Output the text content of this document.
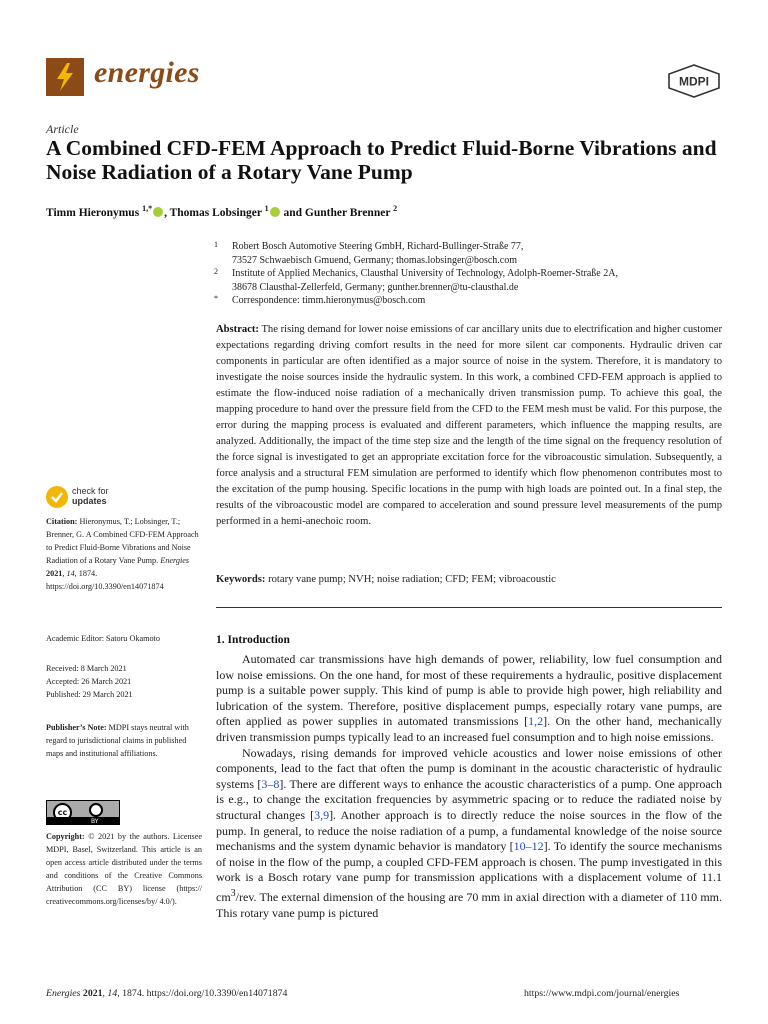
energies	MDPI
Article
A Combined CFD-FEM Approach to Predict Fluid-Borne Vibrations and Noise Radiation of a Rotary Vane Pump
Timm Hieronymus $^{1,*}$ , Thomas Lobsinger $^1$ and Gunther Brenner $^2$
1 Robert Bosch Automotive Steering GmbH, Richard-Bullinger-Straße 77,
73527 Schwaebisch Gmuend, Germany; thomas.lobsinger@bosch.com
2 Institute of Applied Mechanics, Clausthal University of Technology, Adolph-Roemer-Straße 2A,
38678 Clausthal-Zellerfeld, Germany; gunther.brenner@tu-clausthal.de
* Correspondence: timm.hieronymus@bosch.com
Abstract: The rising demand for lower noise emissions of car ancillary units due to electrification and higher customer expectations regarding driving comfort results in the need for more silent car components. Hydraulic driven car components in particular are often identified as a major source of noise in the system. Therefore, it is mandatory to investigate the noise sources inside the hydraulic system. In this work, a combined CFD-FEM approach is applied to estimate the flow-induced noise radiation of a mechanically driven transmission pump. To achieve this goal, the mapping procedure to hand over the pressure field from the CFD to the FEM mesh must be valid. For this purpose, the error during the mapping process is evaluated and different parameters, which influence the mapping results, are analyzed. Additionally, the impact of the time step size and the length of the time signal on the frequency resolution of the force signal is investigated to get an appropriate excitation force for the vibroacoustic simulation. Subsequently, a force analysis and a structural FEM simulation are performed to identify which flow phenomenon contributes most to the excitation of the pump housing. Specific locations in the pump with high loads are pointed out. In a final step, the results of the vibroacoustic model are compared to acceleration and sound pressure level measurements of the pump performed in a hemi-anechoic room.
Keywords: rotary vane pump; NVH; noise radiation; CFD; FEM; vibroacoustic
check for
updates
Citation: Hieronymus, T.; Lobsinger, T.; Brenner, G. A Combined CFD-FEM Approach to Predict Fluid-Borne Vibrations and Noise Radiation of a Rotary Vane Pump. Energies 2021, 14, 1874. https://doi.org/10.3390/en14071874
Academic Editor: Satoru Okamoto
Received: 8 March 2021
Accepted: 26 March 2021
Published: 29 March 2021
Publisher’s Note: MDPI stays neutral with regard to jurisdictional claims in published maps and institutional affiliations.
cc
BY
Copyright: © 2021 by the authors. Licensee MDPI, Basel, Switzerland. This article is an open access article distributed under the terms and conditions of the Creative Commons Attribution (CC BY) license (https:// creativecommons.org/licenses/by/ 4.0/).
1. Introduction

Automated car transmissions have high demands of power, reliability, low fuel consumption and low noise emissions. On the one hand, for most of these requirements a hydraulic, positive displacement pump is a suitable power supply. This kind of pump is able to provide high power, high reliability and lubrication of the system. Therefore, positive displacement pumps, especially rotary vane pumps, are often applied as power supplies in automated transmissions [1,2]. On the other hand, mechanically driven transmission pumps typically lead to an increased fuel consumption and to high noise emissions.

Nowadays, rising demands for improved vehicle acoustics and lower noise emissions of other components, lead to the fact that often the pump is dominant in the acoustic characteristic of hydraulic systems [3–8]. There are different ways to enhance the acoustic characteristics of a pump. One approach is e.g., to change the excitation frequencies by asymmetric spacing or to reduce the radiated noise by structural changes [3,9]. Another approach is to directly reduce the noise sources in the flow of the pump. In general, to reduce the noise radiation of a pump, a fundamental knowledge of the noise source mechanisms and the system dynamic behavior is mandatory [10–12]. To identify the source mechanisms of noise in the flow of the pump, a coupled CFD-FEM approach is chosen. The pump investigated in this work is a Bosch rotary vane pump for transmission applications with a displacement volume of 11.1 $cm^3$/rev. The external dimension of the housing are 70 mm in axial direction with a diameter of 110 mm. This rotary vane pump is pictured

Energies 2021, 14, 1874. https://doi.org/10.3390/en14071874	https://www.mdpi.com/journal/energies
